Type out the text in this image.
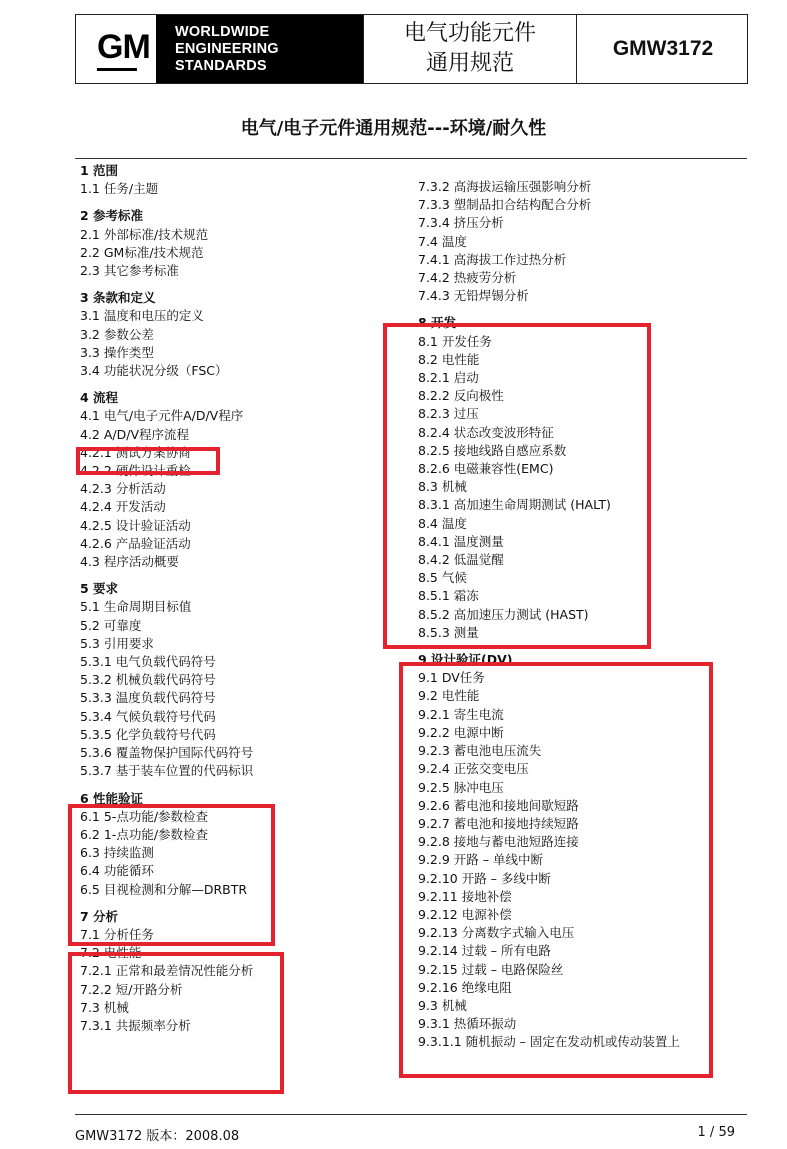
GM WORLDWIDE
ENGINEERING
STANDARDS
电气功能元件
通用规范
GMW3172
电气/电子元件通用规范---环境/耐久性
1 范围
1.1 任务/主题
2 参考标准
2.1 外部标准/技术规范
2.2 GM标准/技术规范
2.3 其它参考标准
3 条款和定义
3.1 温度和电压的定义
3.2 参数公差
3.3 操作类型
3.4 功能状况分级（FSC）
4 流程
4.1 电气/电子元件A/D/V程序
4.2 A/D/V程序流程
4.2.1 测试方案协商
4.2.2 硬件设计重检
4.2.3 分析活动
4.2.4 开发活动
4.2.5 设计验证活动
4.2.6 产品验证活动
4.3 程序活动概要
5 要求
5.1 生命周期目标值
5.2 可靠度
5.3 引用要求
5.3.1 电气负载代码符号
5.3.2 机械负载代码符号
5.3.3 温度负载代码符号
5.3.4 气候负载符号代码
5.3.5 化学负载符号代码
5.3.6 覆盖物保护国际代码符号
5.3.7 基于装车位置的代码标识
6 性能验证
6.1 5-点功能/参数检查
6.2 1-点功能/参数检查
6.3 持续监测
6.4 功能循环
6.5 目视检测和分解—DRBTR
7 分析
7.1 分析任务
7.2 电性能
7.2.1 正常和最差情况性能分析
7.2.2 短/开路分析
7.3 机械
7.3.1 共振频率分析
7.3.2 高海拔运输压强影响分析
7.3.3 塑制品扣合结构配合分析
7.3.4 挤压分析
7.4 温度
7.4.1 高海拔工作过热分析
7.4.2 热疲劳分析
7.4.3 无铅焊锡分析
8 开发
8.1 开发任务
8.2 电性能
8.2.1 启动
8.2.2 反向极性
8.2.3 过压
8.2.4 状态改变波形特征
8.2.5 接地线路自感应系数
8.2.6 电磁兼容性(EMC)
8.3 机械
8.3.1 高加速生命周期测试 (HALT)
8.4 温度
8.4.1 温度测量
8.4.2 低温觉醒
8.5 气候
8.5.1 霜冻
8.5.2 高加速压力测试 (HAST)
8.5.3 测量
9 设计验证(DV)
9.1 DV任务
9.2 电性能
9.2.1 寄生电流
9.2.2 电源中断
9.2.3 蓄电池电压流失
9.2.4 正弦交变电压
9.2.5 脉冲电压
9.2.6 蓄电池和接地间歇短路
9.2.7 蓄电池和接地持续短路
9.2.8 接地与蓄电池短路连接
9.2.9 开路 – 单线中断
9.2.10 开路 – 多线中断
9.2.11 接地补偿
9.2.12 电源补偿
9.2.13 分离数字式输入电压
9.2.14 过载 – 所有电路
9.2.15 过载 – 电路保险丝
9.2.16 绝缘电阻
9.3 机械
9.3.1 热循环振动
9.3.1.1 随机振动 – 固定在发动机或传动装置上
GMW3172 版本：2008.08	1 / 59
